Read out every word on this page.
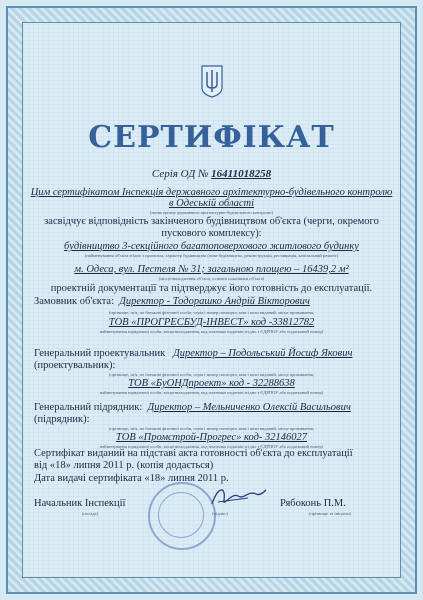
СЕРТИФІКАТ
Серія ОД № 16411018258
Цим сертифікатом Інспекція державного архітектурно-будівельного контролю
в Одеській області
(назва органу державного архітектурно-будівельного контролю)
засвідчує відповідність закінченого будівництвом об'єкта (черги, окремого
пускового комплексу):
будівництво 3-секційного багатоповерхового житлового будинку
(найменування об'єкта згідно з проектом, характер будівництва (нове будівництво, реконструкція, реставрація, капітальний ремонт)
м. Одеса, вул. Пестеля № 31; загальною площею – 16439,2 м²
(місцезнаходження об'єкта, основні показники об'єкта)
проектній документації та підтверджує його готовність до експлуатації.
Замовник об'єкта: Директор - Тодорашко Андрій Вікторович
(прізвище, ім'я, по батькові фізичної особи, серія і номер паспорта, ким і коли виданий, місце проживання,
ТОВ «ПРОГРЕСБУД-ІНВЕСТ» код -33812782
найменування юридичної особи, місцезнаходження, код платника податків згідно з ЄДРПОУ або податковий номер)
Генеральний проектувальник Директор – Подольський Йосиф Якович
(проектувальник):
(прізвище, ім'я, по батькові фізичної особи, серія і номер паспорта, ким і коли виданий, місце проживання,
ТОВ «БуОНДпроект» код - 32288638
найменування юридичної особи, місцезнаходження, код платника податків згідно з ЄДРПОУ або податковий номер)
Генеральний підрядник: Директор – Мельниченко Олексій Васильович
(підрядник):
(прізвище, ім'я, по батькові фізичної особи, серія і номер паспорта, ким і коли виданий, місце проживання,
ТОВ «Промстрой-Прогрес» код- 32146027
найменування юридичної особи, місцезнаходження, код платника податків згідно з ЄДРПОУ або податковий номер)
Сертифікат виданий на підставі акта готовності об'єкта до експлуатації
від «18» липня 2011 р. (копія додається)
Дата видачі сертифіката «18» липня 2011 р.
Начальник Інспекції
(посада)	(підпис)
Рябоконь П.М.
(прізвище та ініціали)
